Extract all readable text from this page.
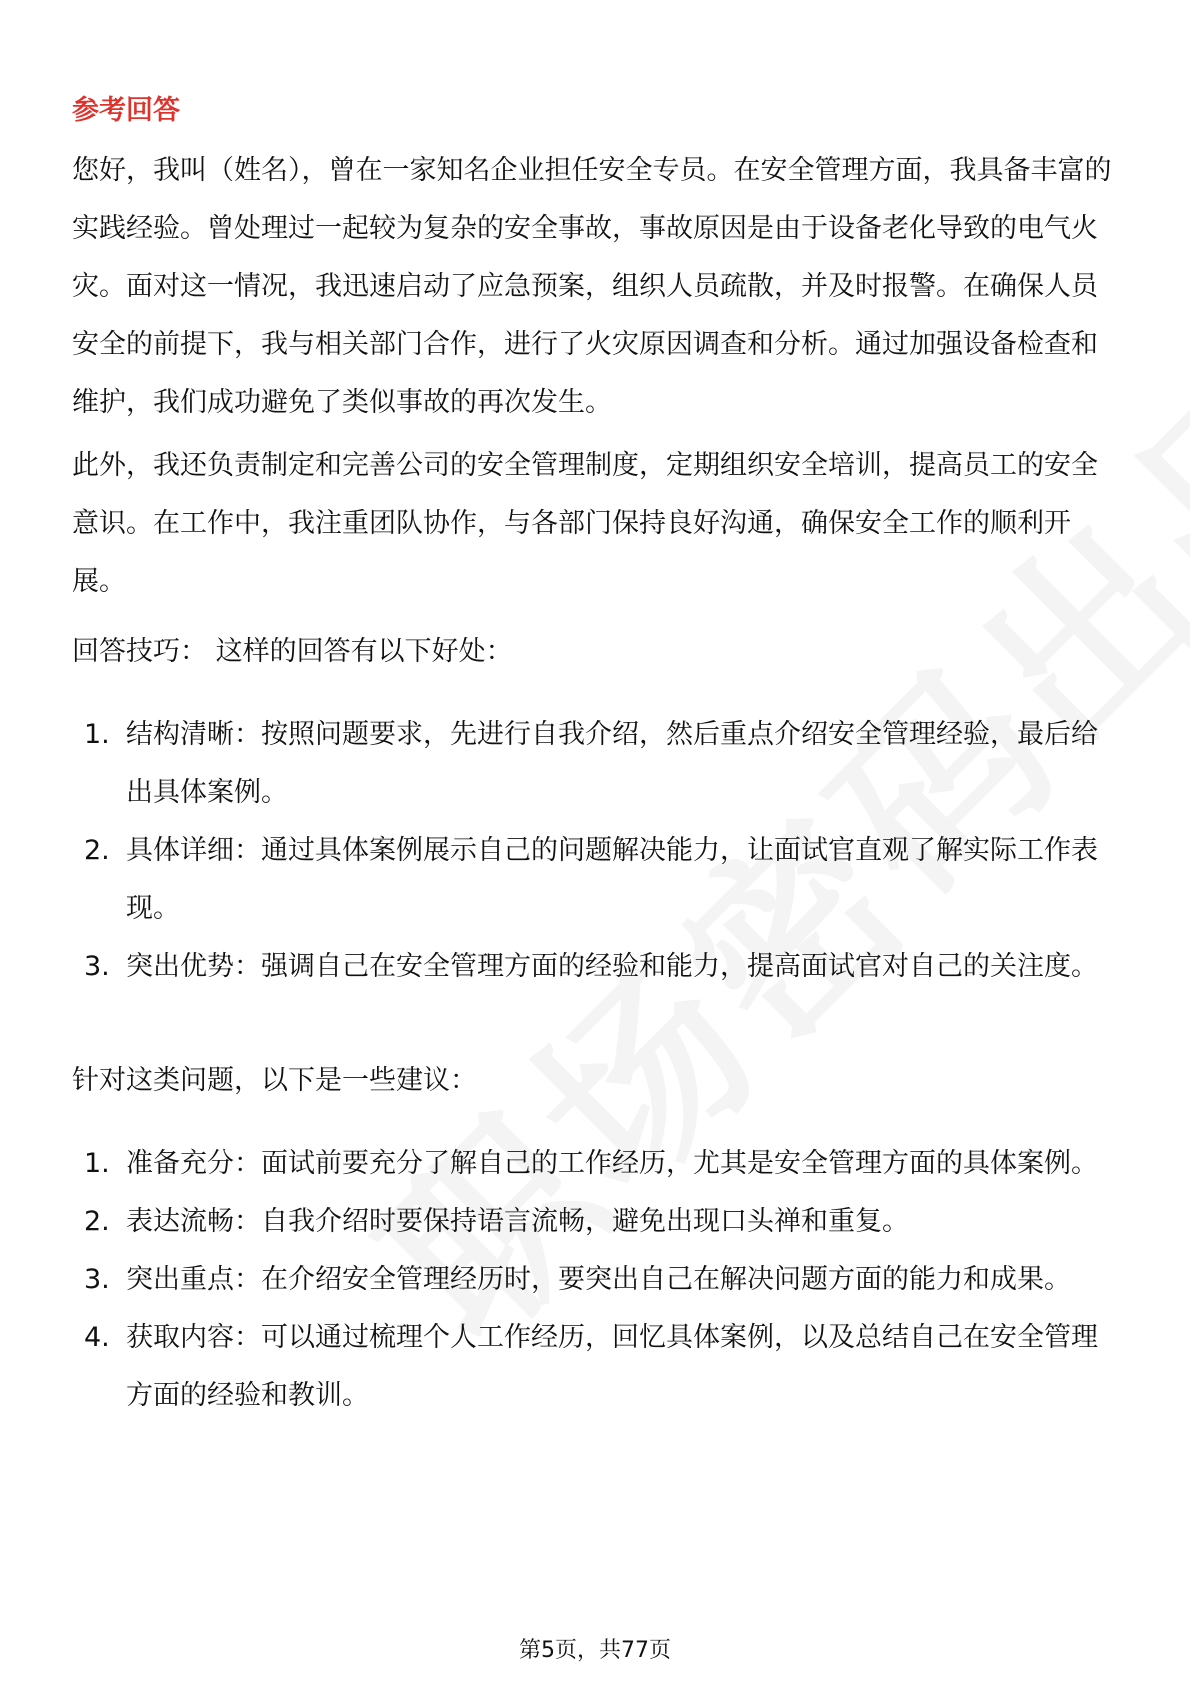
参考回答

您好，我叫（姓名），曾在一家知名企业担任安全专员。在安全管理方面，我具备丰富的实践经验。曾处理过一起较为复杂的安全事故，事故原因是由于设备老化导致的电气火灾。面对这一情况，我迅速启动了应急预案，组织人员疏散，并及时报警。在确保人员安全的前提下，我与相关部门合作，进行了火灾原因调查和分析。通过加强设备检查和维护，我们成功避免了类似事故的再次发生。

此外，我还负责制定和完善公司的安全管理制度，定期组织安全培训，提高员工的安全意识。在工作中，我注重团队协作，与各部门保持良好沟通，确保安全工作的顺利开展。

回答技巧： 这样的回答有以下好处：

1. 结构清晰：按照问题要求，先进行自我介绍，然后重点介绍安全管理经验，最后给出具体案例。
2. 具体详细：通过具体案例展示自己的问题解决能力，让面试官直观了解实际工作表现。
3. 突出优势：强调自己在安全管理方面的经验和能力，提高面试官对自己的关注度。

针对这类问题，以下是一些建议：

1. 准备充分：面试前要充分了解自己的工作经历，尤其是安全管理方面的具体案例。
2. 表达流畅：自我介绍时要保持语言流畅，避免出现口头禅和重复。
3. 突出重点：在介绍安全管理经历时，要突出自己在解决问题方面的能力和成果。
4. 获取内容：可以通过梳理个人工作经历，回忆具体案例，以及总结自己在安全管理方面的经验和教训。
第5页，共77页
